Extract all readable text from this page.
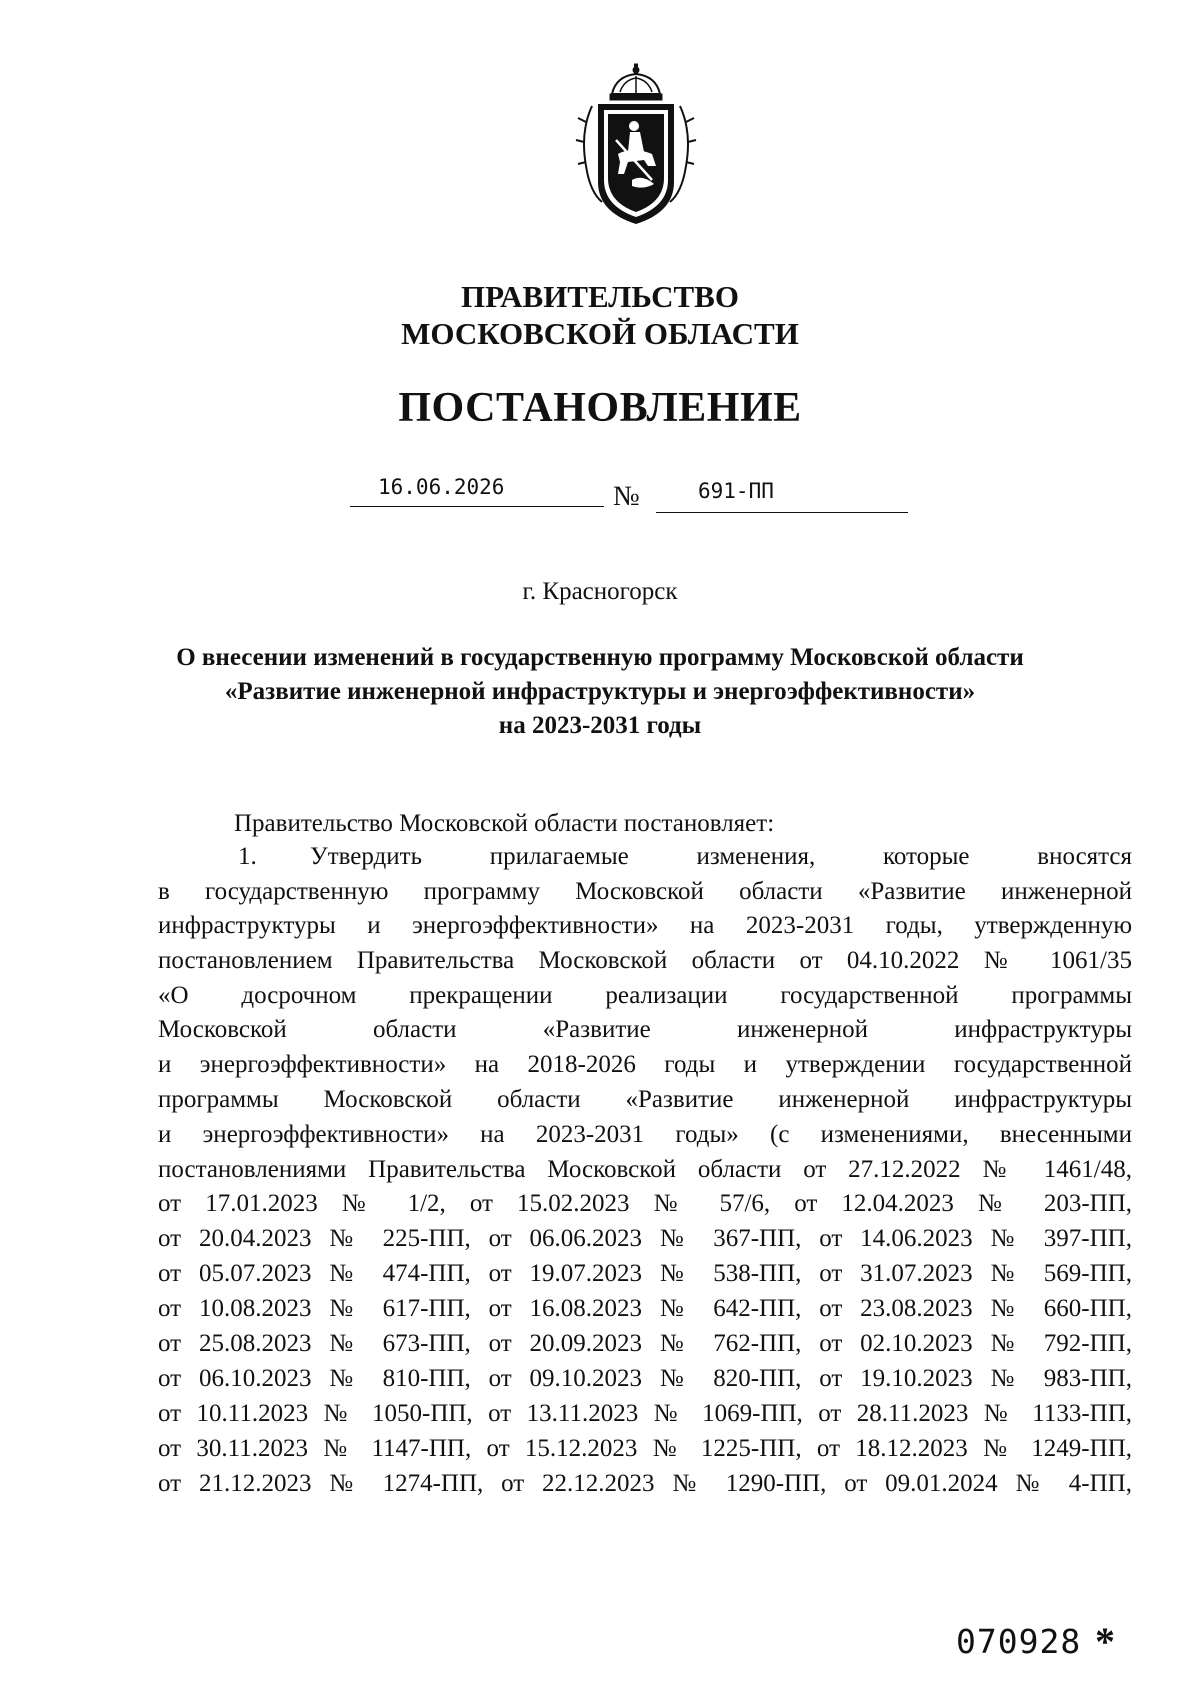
ПРАВИТЕЛЬСТВО
МОСКОВСКОЙ ОБЛАСТИ
ПОСТАНОВЛЕНИЕ
16.06.2026	№	691-ПП
г. Красногорск
О внесении изменений в государственную программу Московской области
«Развитие инженерной инфраструктуры и энергоэффективности»
на 2023-2031 годы
Правительство Московской области постановляет:
1. Утвердить прилагаемые изменения, которые вносятся
в государственную программу Московской области «Развитие инженерной
инфраструктуры и энергоэффективности» на 2023-2031 годы, утвержденную
постановлением Правительства Московской области от 04.10.2022 № 1061/35
«О досрочном прекращении реализации государственной программы
Московской области «Развитие инженерной инфраструктуры
и энергоэффективности» на 2018-2026 годы и утверждении государственной
программы Московской области «Развитие инженерной инфраструктуры
и энергоэффективности» на 2023-2031 годы» (с изменениями, внесенными
постановлениями Правительства Московской области от 27.12.2022 № 1461/48,
от 17.01.2023 № 1/2, от 15.02.2023 № 57/6, от 12.04.2023 № 203-ПП,
от 20.04.2023 № 225-ПП, от 06.06.2023 № 367-ПП, от 14.06.2023 № 397-ПП,
от 05.07.2023 № 474-ПП, от 19.07.2023 № 538-ПП, от 31.07.2023 № 569-ПП,
от 10.08.2023 № 617-ПП, от 16.08.2023 № 642-ПП, от 23.08.2023 № 660-ПП,
от 25.08.2023 № 673-ПП, от 20.09.2023 № 762-ПП, от 02.10.2023 № 792-ПП,
от 06.10.2023 № 810-ПП, от 09.10.2023 № 820-ПП, от 19.10.2023 № 983-ПП,
от 10.11.2023 № 1050-ПП, от 13.11.2023 № 1069-ПП, от 28.11.2023 № 1133-ПП,
от 30.11.2023 № 1147-ПП, от 15.12.2023 № 1225-ПП, от 18.12.2023 № 1249-ПП,
от 21.12.2023 № 1274-ПП, от 22.12.2023 № 1290-ПП, от 09.01.2024 № 4-ПП,
070928 *
